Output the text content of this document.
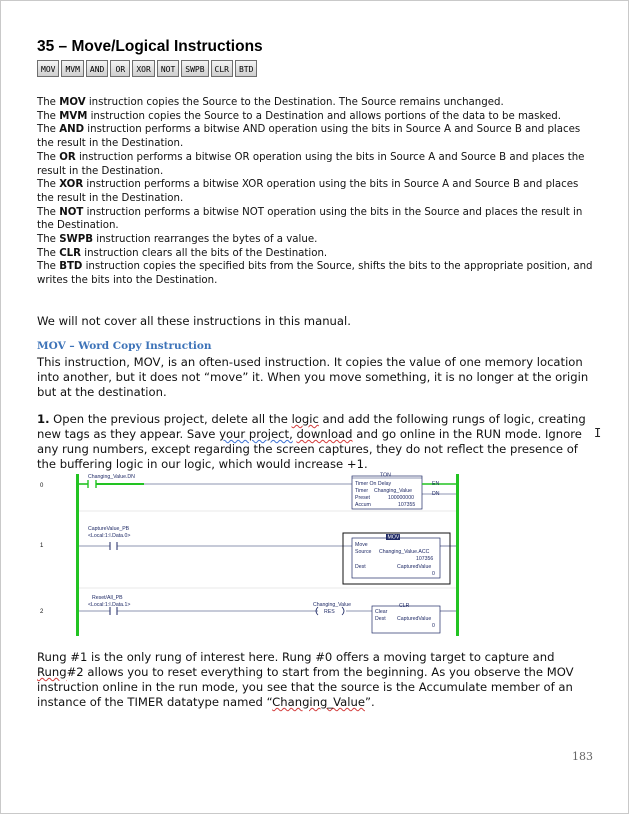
35 – Move/Logical Instructions
MOV	MVM	AND	OR	XOR	NOT	SWPB	CLR	BTD

The MOV instruction copies the Source to the Destination. The Source remains unchanged.

The MVM instruction copies the Source to a Destination and allows portions of the data to be masked.

The AND instruction performs a bitwise AND operation using the bits in Source A and Source B and places the result in the Destination.

The OR instruction performs a bitwise OR operation using the bits in Source A and Source B and places the result in the Destination.

The XOR instruction performs a bitwise XOR operation using the bits in Source A and Source B and places the result in the Destination.

The NOT instruction performs a bitwise NOT operation using the bits in the Source and places the result in the Destination.

The SWPB instruction rearranges the bytes of a value.

The CLR instruction clears all the bits of the Destination.

The BTD instruction copies the specified bits from the Source, shifts the bits to the appropriate position, and writes the bits into the Destination.

We will not cover all these instructions in this manual.
MOV – Word Copy Instruction
This instruction, MOV, is an often-used instruction. It copies the value of one memory location into another, but it does not “move” it. When you move something, it is no longer at the origin but at the destination.
1. Open the previous project, delete all the logic and add the following rungs of logic, creating new tags as they appear. Save your project, download and go online in the RUN mode. Ignore any rung numbers, except regarding the screen captures, they do not reflect the presence of the buffering logic in our logic, which would increase +1.
I
0
1
2
Changing_Value.DN	TON
Timer On Delay
Timer Changing_Value
Preset	100000000
Accum	107355
EN
DN
CaptureValue_PB
<Local:1:I.Data.0>	MOV
Move
Source Changing_Value.ACC
107356
Dest	CapturedValue
0
Reset/All_PB
<Local:1:I.Data.1>	Changing_Value
RES
CLR
Clear
Dest CapturedValue
0
Rung #1 is the only rung of interest here. Rung #0 offers a moving target to capture and Rung#2 allows you to reset everything to start from the beginning. As you observe the MOV instruction online in the run mode, you see that the source is the Accumulate member of an instance of the TIMER datatype named “Changing_Value”.
183
